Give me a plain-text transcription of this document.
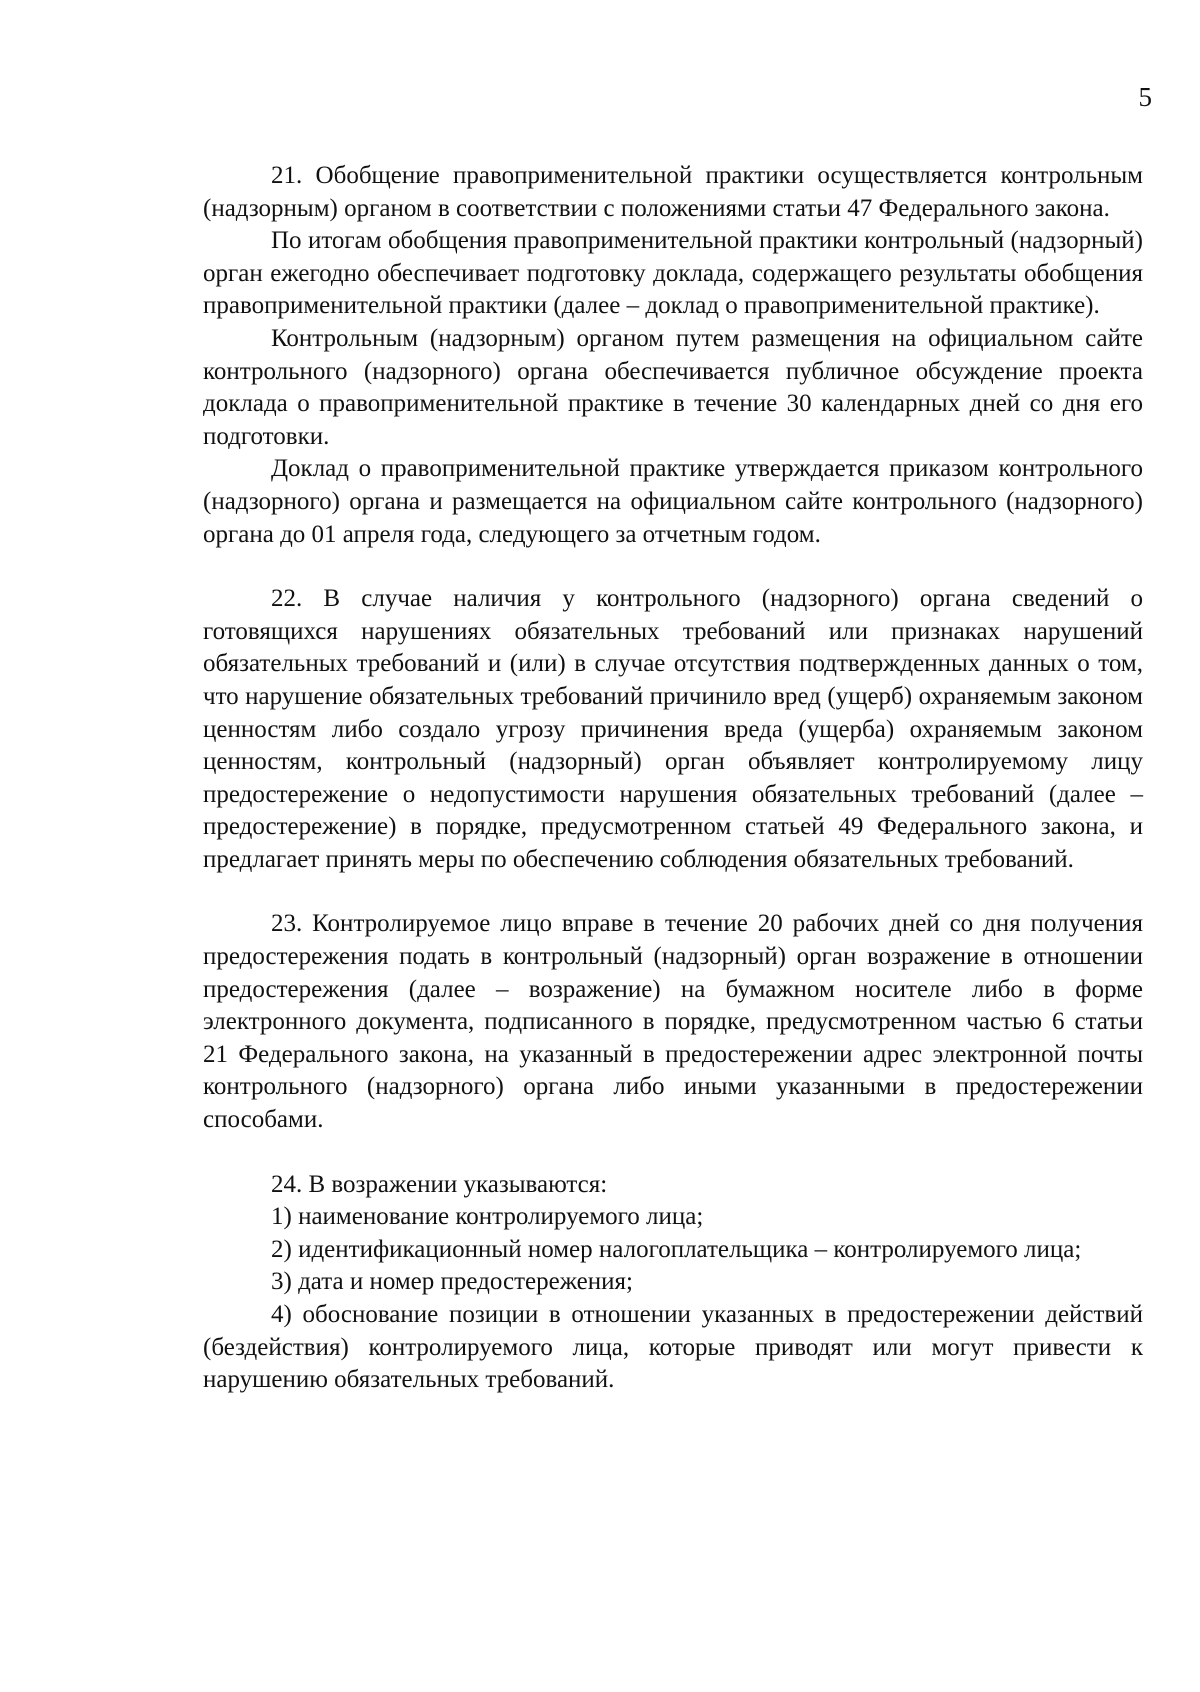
5

21. Обобщение правоприменительной практики осуществляется контрольным (надзорным) органом в соответствии с положениями статьи 47 Федерального закона.

По итогам обобщения правоприменительной практики контрольный (надзорный) орган ежегодно обеспечивает подготовку доклада, содержащего результаты обобщения правоприменительной практики (далее – доклад о правоприменительной практике).

Контрольным (надзорным) органом путем размещения на официальном сайте контрольного (надзорного) органа обеспечивается публичное обсуждение проекта доклада о правоприменительной практике в течение 30 календарных дней со дня его подготовки.

Доклад о правоприменительной практике утверждается приказом контрольного (надзорного) органа и размещается на официальном сайте контрольного (надзорного) органа до 01 апреля года, следующего за отчетным годом.

22. В случае наличия у контрольного (надзорного) органа сведений о готовящихся нарушениях обязательных требований или признаках нарушений обязательных требований и (или) в случае отсутствия подтвержденных данных о том, что нарушение обязательных требований причинило вред (ущерб) охраняемым законом ценностям либо создало угрозу причинения вреда (ущерба) охраняемым законом ценностям, контрольный (надзорный) орган объявляет контролируемому лицу предостережение о недопустимости нарушения обязательных требований (далее – предостережение) в порядке, предусмотренном статьей 49 Федерального закона, и предлагает принять меры по обеспечению соблюдения обязательных требований.

23. Контролируемое лицо вправе в течение 20 рабочих дней со дня получения предостережения подать в контрольный (надзорный) орган возражение в отношении предостережения (далее – возражение) на бумажном носителе либо в форме электронного документа, подписанного в порядке, предусмотренном частью 6 статьи 21 Федерального закона, на указанный в предостережении адрес электронной почты контрольного (надзорного) органа либо иными указанными в предостережении способами.

24. В возражении указываются:

1) наименование контролируемого лица;

2) идентификационный номер налогоплательщика – контролируемого лица;

3) дата и номер предостережения;

4) обоснование позиции в отношении указанных в предостережении действий (бездействия) контролируемого лица, которые приводят или могут привести к нарушению обязательных требований.
